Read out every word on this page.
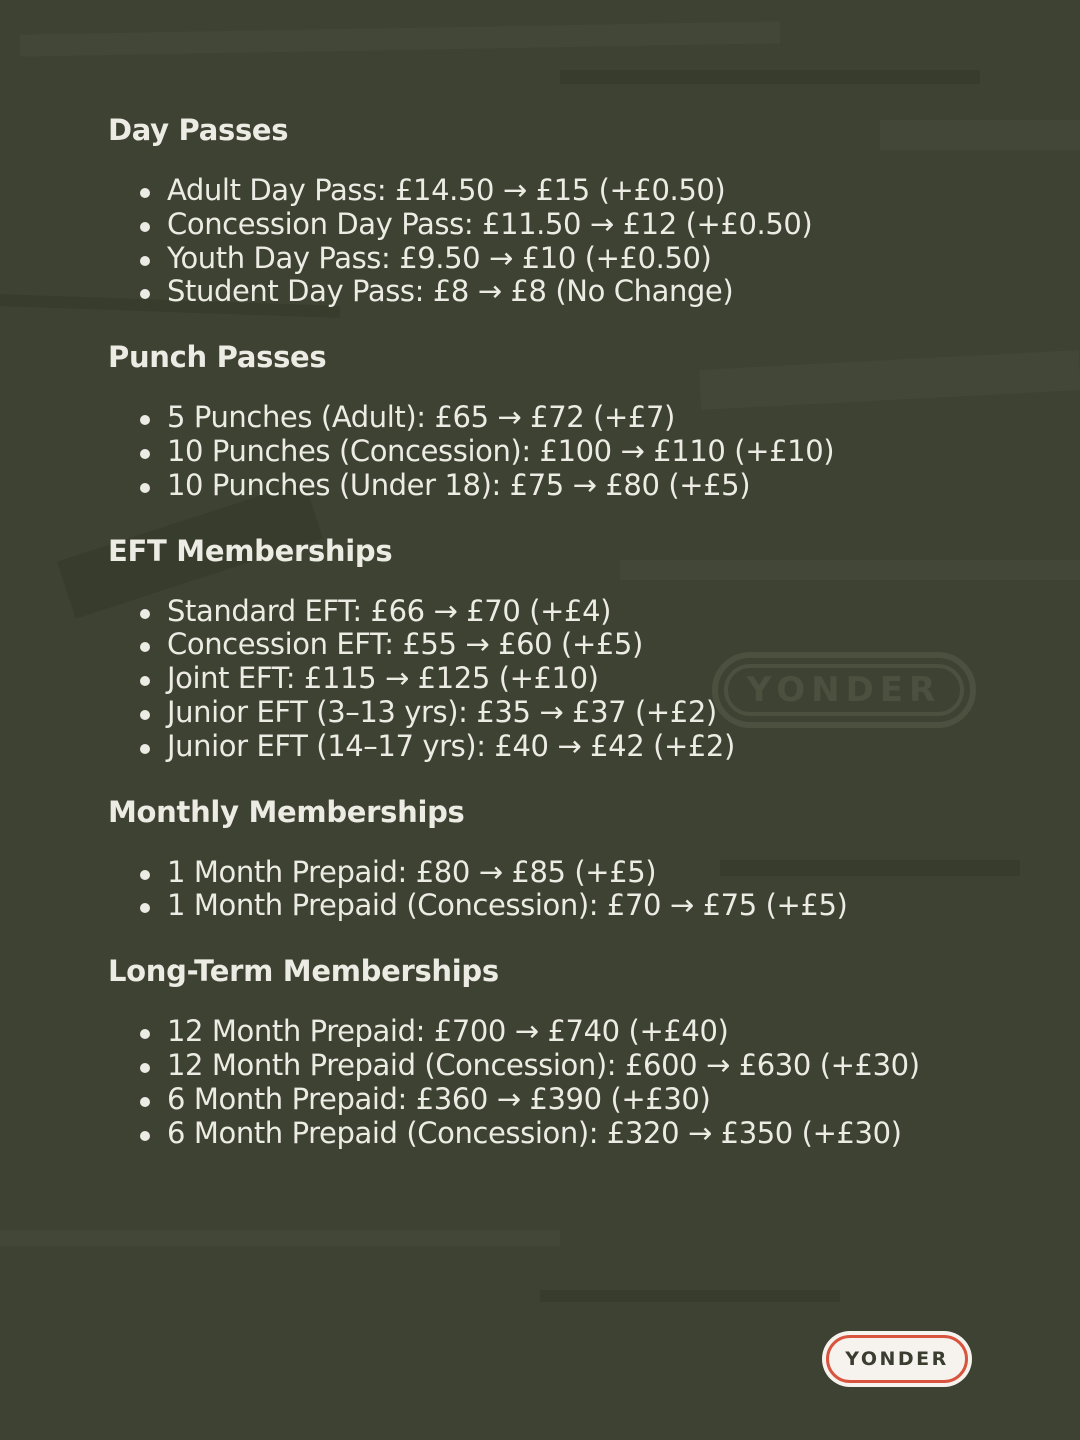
YONDER
Day Passes
Adult Day Pass: £14.50 → £15 (+£0.50)
Concession Day Pass: £11.50 → £12 (+£0.50)
Youth Day Pass: £9.50 → £10 (+£0.50)
Student Day Pass: £8 → £8 (No Change)
Punch Passes
5 Punches (Adult): £65 → £72 (+£7)
10 Punches (Concession): £100 → £110 (+£10)
10 Punches (Under 18): £75 → £80 (+£5)
EFT Memberships
Standard EFT: £66 → £70 (+£4)
Concession EFT: £55 → £60 (+£5)
Joint EFT: £115 → £125 (+£10)
Junior EFT (3–13 yrs): £35 → £37 (+£2)
Junior EFT (14–17 yrs): £40 → £42 (+£2)
Monthly Memberships
1 Month Prepaid: £80 → £85 (+£5)
1 Month Prepaid (Concession): £70 → £75 (+£5)
Long-Term Memberships
12 Month Prepaid: £700 → £740 (+£40)
12 Month Prepaid (Concession): £600 → £630 (+£30)
6 Month Prepaid: £360 → £390 (+£30)
6 Month Prepaid (Concession): £320 → £350 (+£30)
YONDER
